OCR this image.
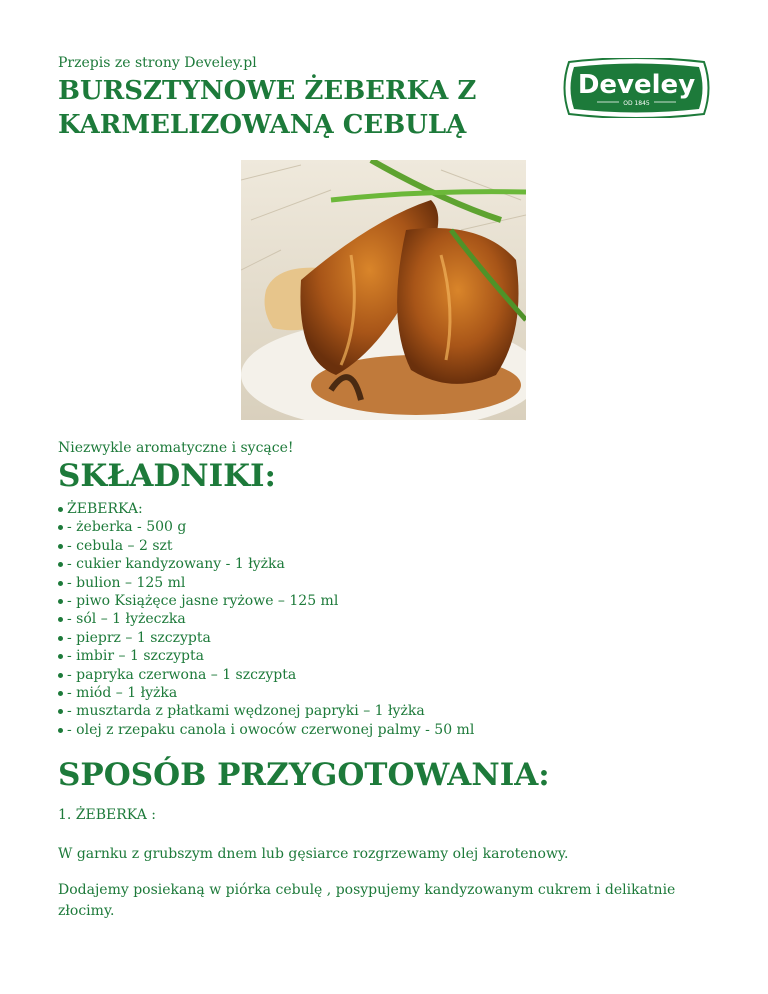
Przepis ze strony Develey.pl
BURSZTYNOWE ŻEBERKA Z KARMELIZOWANĄ CEBULĄ
Develey
OD 1845
Niezwykle aromatyczne i sycące!
SKŁADNIKI:
ŻEBERKA:
- żeberka - 500 g
- cebula – 2 szt
- cukier kandyzowany - 1 łyżka
- bulion – 125 ml
- piwo Książęce jasne ryżowe – 125 ml
- sól – 1 łyżeczka
- pieprz – 1 szczypta
- imbir – 1 szczypta
- papryka czerwona – 1 szczypta
- miód – 1 łyżka
- musztarda z płatkami wędzonej papryki – 1 łyżka
- olej z rzepaku canola i owoców czerwonej palmy - 50 ml
SPOSÓB PRZYGOTOWANIA:
1. ŻEBERKA :
W garnku z grubszym dnem lub gęsiarce rozgrzewamy olej karotenowy.
Dodajemy posiekaną w piórka cebulę , posypujemy kandyzowanym cukrem i delikatnie złocimy.
